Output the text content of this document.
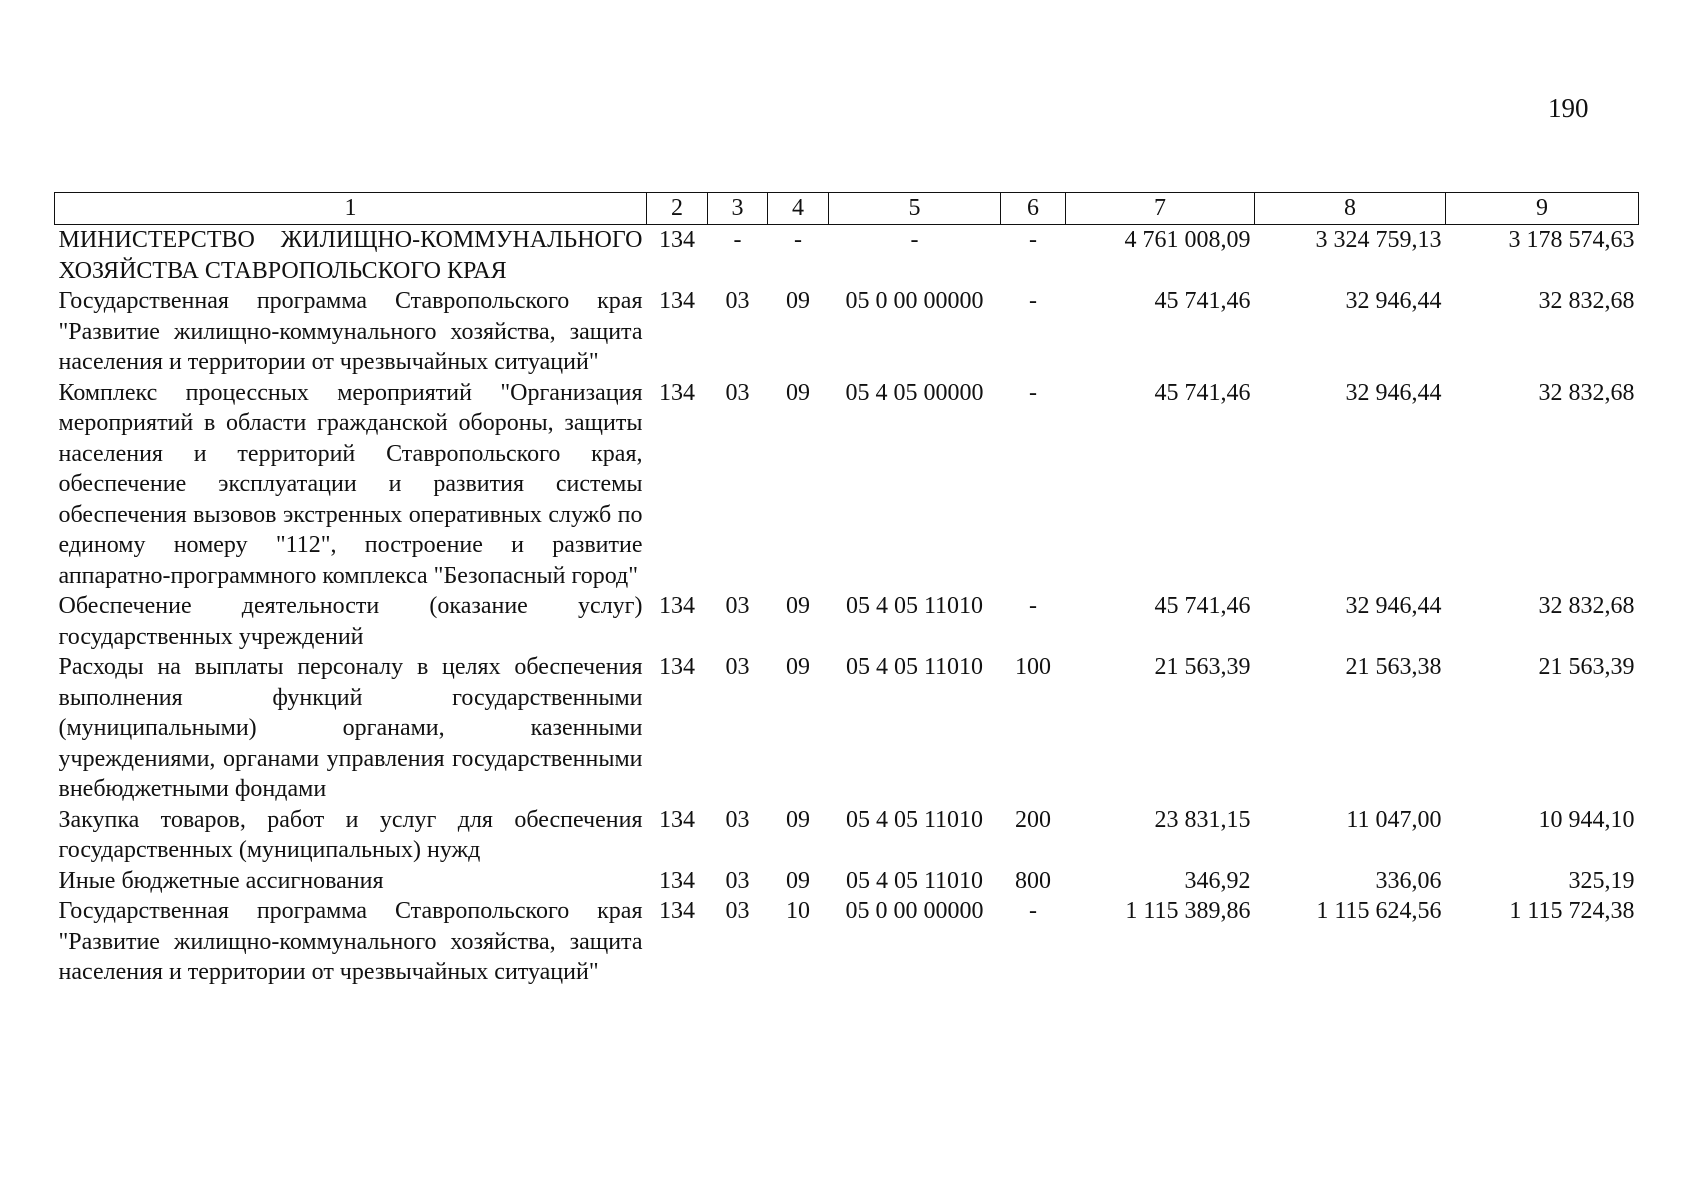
190
1	2	3	4	5	6	7	8	9
МИНИСТЕРСТВО ЖИЛИЩНО-КОММУНАЛЬНОГО ХОЗЯЙСТВА СТАВРОПОЛЬСКОГО КРАЯ	134	-	-	-	-	4 761 008,09	3 324 759,13	3 178 574,63
Государственная программа Ставропольского края "Развитие жилищно-коммунального хозяйства, защита населения и территории от чрезвычайных ситуаций"	134	03	09	05 0 00 00000	-	45 741,46	32 946,44	32 832,68
Комплекс процессных мероприятий "Организация мероприятий в области гражданской обороны, защиты населения и территорий Ставропольского края, обеспечение эксплуатации и развития системы обеспечения вызовов экстренных оперативных служб по единому номеру "112", построение и развитие аппаратно-программного комплекса "Безопасный город"	134	03	09	05 4 05 00000	-	45 741,46	32 946,44	32 832,68
Обеспечение деятельности (оказание услуг) государственных учреждений	134	03	09	05 4 05 11010	-	45 741,46	32 946,44	32 832,68
Расходы на выплаты персоналу в целях обеспечения выполнения функций государственными (муниципальными) органами, казенными учреждениями, органами управления государственными внебюджетными фондами	134	03	09	05 4 05 11010	100	21 563,39	21 563,38	21 563,39
Закупка товаров, работ и услуг для обеспечения государственных (муниципальных) нужд	134	03	09	05 4 05 11010	200	23 831,15	11 047,00	10 944,10
Иные бюджетные ассигнования	134	03	09	05 4 05 11010	800	346,92	336,06	325,19
Государственная программа Ставропольского края "Развитие жилищно-коммунального хозяйства, защита населения и территории от чрезвычайных ситуаций"	134	03	10	05 0 00 00000	-	1 115 389,86	1 115 624,56	1 115 724,38
